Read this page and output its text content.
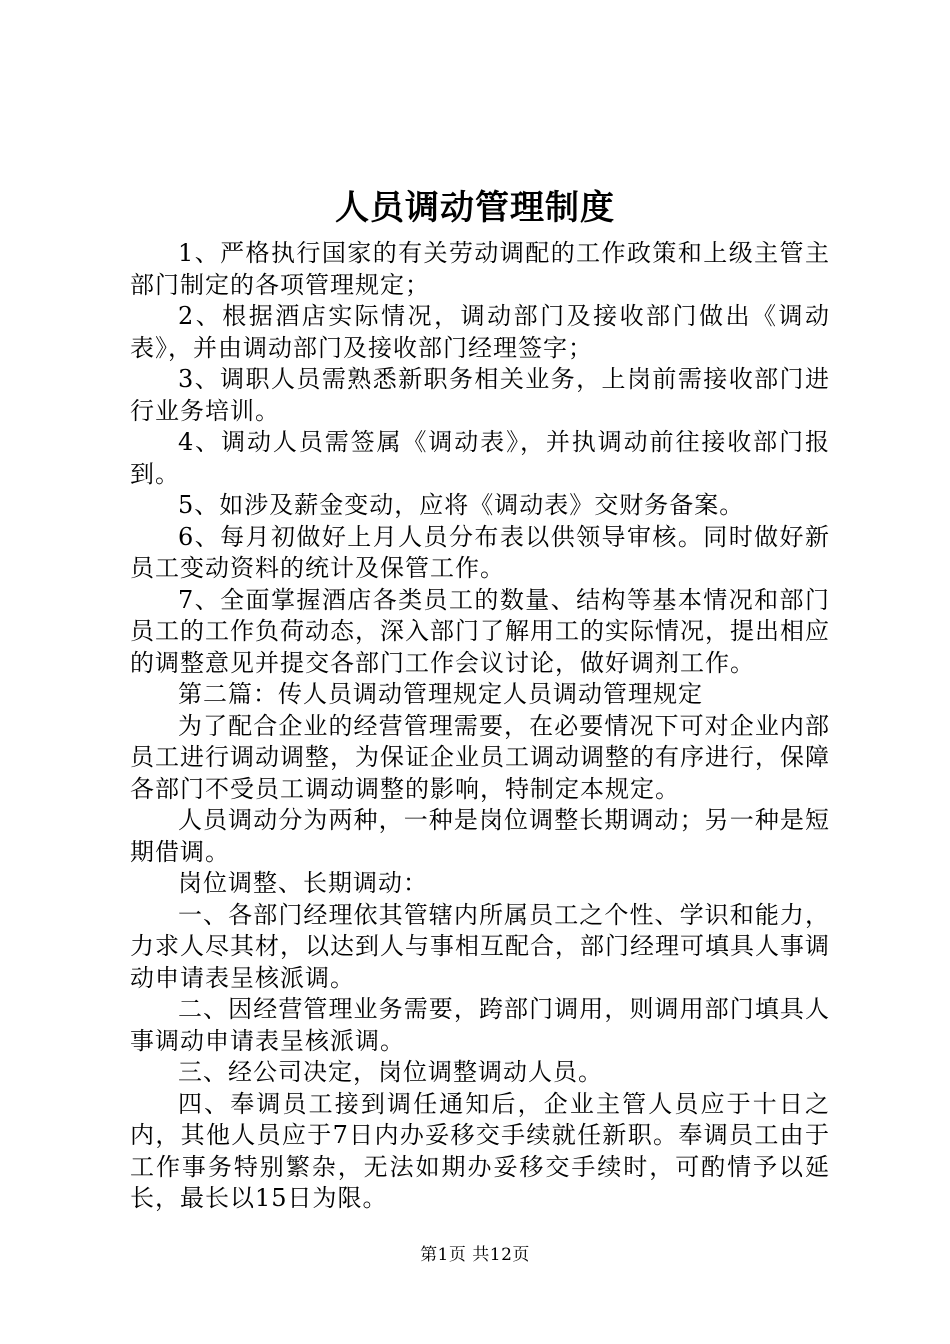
人员调动管理制度

1、严格执行国家的有关劳动调配的工作政策和上级主管主部门制定的各项管理规定；

2、根据酒店实际情况，调动部门及接收部门做出《调动表》，并由调动部门及接收部门经理签字；

3、调职人员需熟悉新职务相关业务，上岗前需接收部门进行业务培训。

4、调动人员需签属《调动表》，并执调动前往接收部门报到。

5、如涉及薪金变动，应将《调动表》交财务备案。

6、每月初做好上月人员分布表以供领导审核。同时做好新员工变动资料的统计及保管工作。

7、全面掌握酒店各类员工的数量、结构等基本情况和部门员工的工作负荷动态，深入部门了解用工的实际情况，提出相应的调整意见并提交各部门工作会议讨论，做好调剂工作。

第二篇：传人员调动管理规定人员调动管理规定

为了配合企业的经营管理需要，在必要情况下可对企业内部员工进行调动调整，为保证企业员工调动调整的有序进行，保障各部门不受员工调动调整的影响，特制定本规定。

人员调动分为两种，一种是岗位调整长期调动；另一种是短期借调。

岗位调整、长期调动：

一、各部门经理依其管辖内所属员工之个性、学识和能力，力求人尽其材，以达到人与事相互配合，部门经理可填具人事调动申请表呈核派调。

二、因经营管理业务需要，跨部门调用，则调用部门填具人事调动申请表呈核派调。

三、经公司决定，岗位调整调动人员。

四、奉调员工接到调任通知后，企业主管人员应于十日之内，其他人员应于7日内办妥移交手续就任新职。奉调员工由于工作事务特别繁杂，无法如期办妥移交手续时，可酌情予以延长，最长以15日为限。

第1页 共12页
